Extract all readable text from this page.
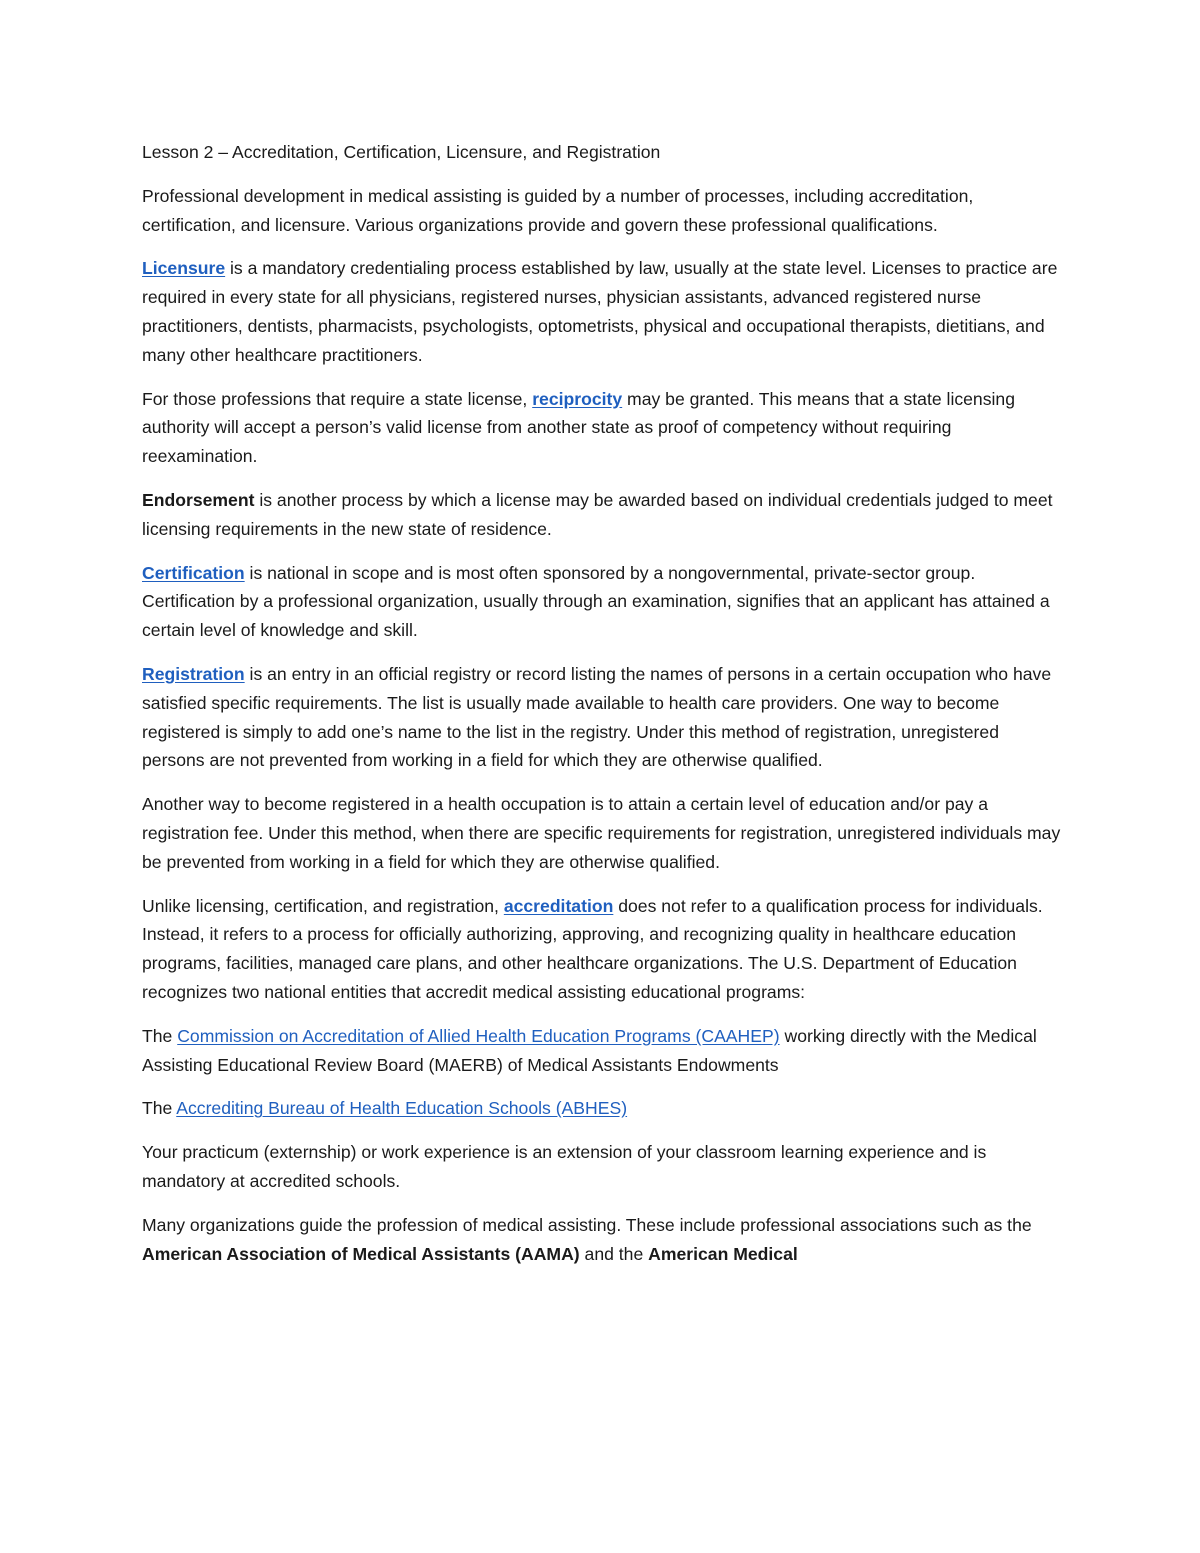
Lesson 2 – Accreditation, Certification, Licensure, and Registration

Professional development in medical assisting is guided by a number of processes, including accreditation, certification, and licensure. Various organizations provide and govern these professional qualifications.

Licensure is a mandatory credentialing process established by law, usually at the state level. Licenses to practice are required in every state for all physicians, registered nurses, physician assistants, advanced registered nurse practitioners, dentists, pharmacists, psychologists, optometrists, physical and occupational therapists, dietitians, and many other healthcare practitioners.

For those professions that require a state license, reciprocity may be granted. This means that a state licensing authority will accept a person’s valid license from another state as proof of competency without requiring reexamination.

Endorsement is another process by which a license may be awarded based on individual credentials judged to meet licensing requirements in the new state of residence.

Certification is national in scope and is most often sponsored by a nongovernmental, private-sector group. Certification by a professional organization, usually through an examination, signifies that an applicant has attained a certain level of knowledge and skill.

Registration is an entry in an official registry or record listing the names of persons in a certain occupation who have satisfied specific requirements. The list is usually made available to health care providers. One way to become registered is simply to add one’s name to the list in the registry. Under this method of registration, unregistered persons are not prevented from working in a field for which they are otherwise qualified.

Another way to become registered in a health occupation is to attain a certain level of education and/or pay a registration fee. Under this method, when there are specific requirements for registration, unregistered individuals may be prevented from working in a field for which they are otherwise qualified.

Unlike licensing, certification, and registration, accreditation does not refer to a qualification process for individuals. Instead, it refers to a process for officially authorizing, approving, and recognizing quality in healthcare education programs, facilities, managed care plans, and other healthcare organizations. The U.S. Department of Education recognizes two national entities that accredit medical assisting educational programs:

The Commission on Accreditation of Allied Health Education Programs (CAAHEP) working directly with the Medical Assisting Educational Review Board (MAERB) of Medical Assistants Endowments

The Accrediting Bureau of Health Education Schools (ABHES)

Your practicum (externship) or work experience is an extension of your classroom learning experience and is mandatory at accredited schools.

Many organizations guide the profession of medical assisting. These include professional associations such as the American Association of Medical Assistants (AAMA) and the American Medical
